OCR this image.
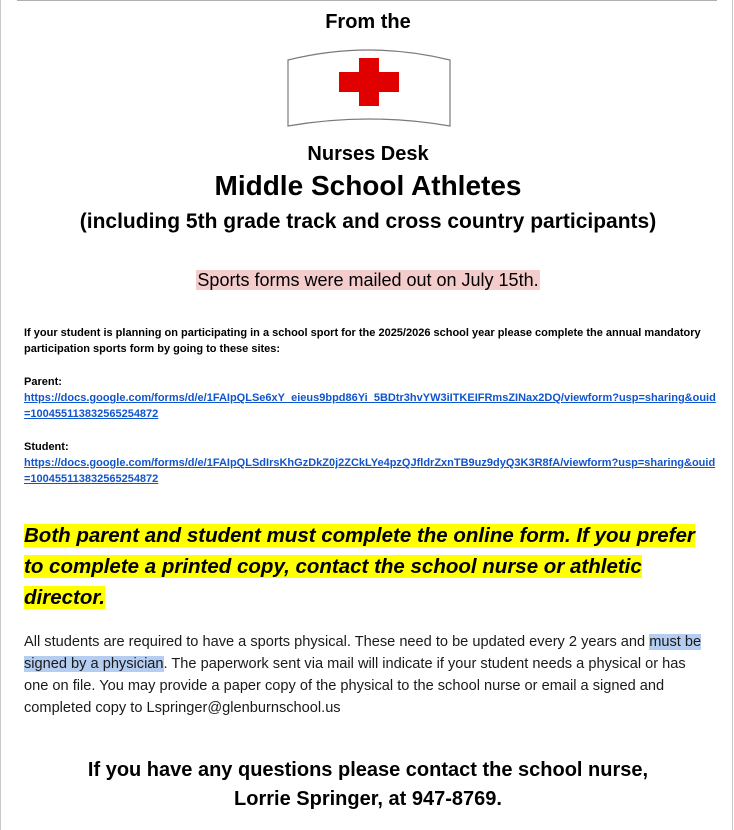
From the
Nurses Desk
Middle School Athletes
(including 5th grade track and cross country participants)
Sports forms were mailed out on July 15th.
If your student is planning on participating in a school sport for the 2025/2026 school year please complete the annual mandatory participation sports form by going to these sites:
Parent:
https://docs.google.com/forms/d/e/1FAIpQLSe6xY_eieus9bpd86Yi_5BDtr3hvYW3iITKEIFRmsZINax2DQ/viewform?usp=sharing&ouid=100455113832565254872
Student:
https://docs.google.com/forms/d/e/1FAIpQLSdIrsKhGzDkZ0j2ZCkLYe4pzQJfldrZxnTB9uz9dyQ3K3R8fA/viewform?usp=sharing&ouid=100455113832565254872
Both parent and student must complete the online form. If you prefer to complete a printed copy, contact the school nurse or athletic director.
All students are required to have a sports physical. These need to be updated every 2 years and must be signed by a physician. The paperwork sent via mail will indicate if your student needs a physical or has one on file. You may provide a paper copy of the physical to the school nurse or email a signed and completed copy to Lspringer@glenburnschool.us
If you have any questions please contact the school nurse,
Lorrie Springer, at 947-8769.
